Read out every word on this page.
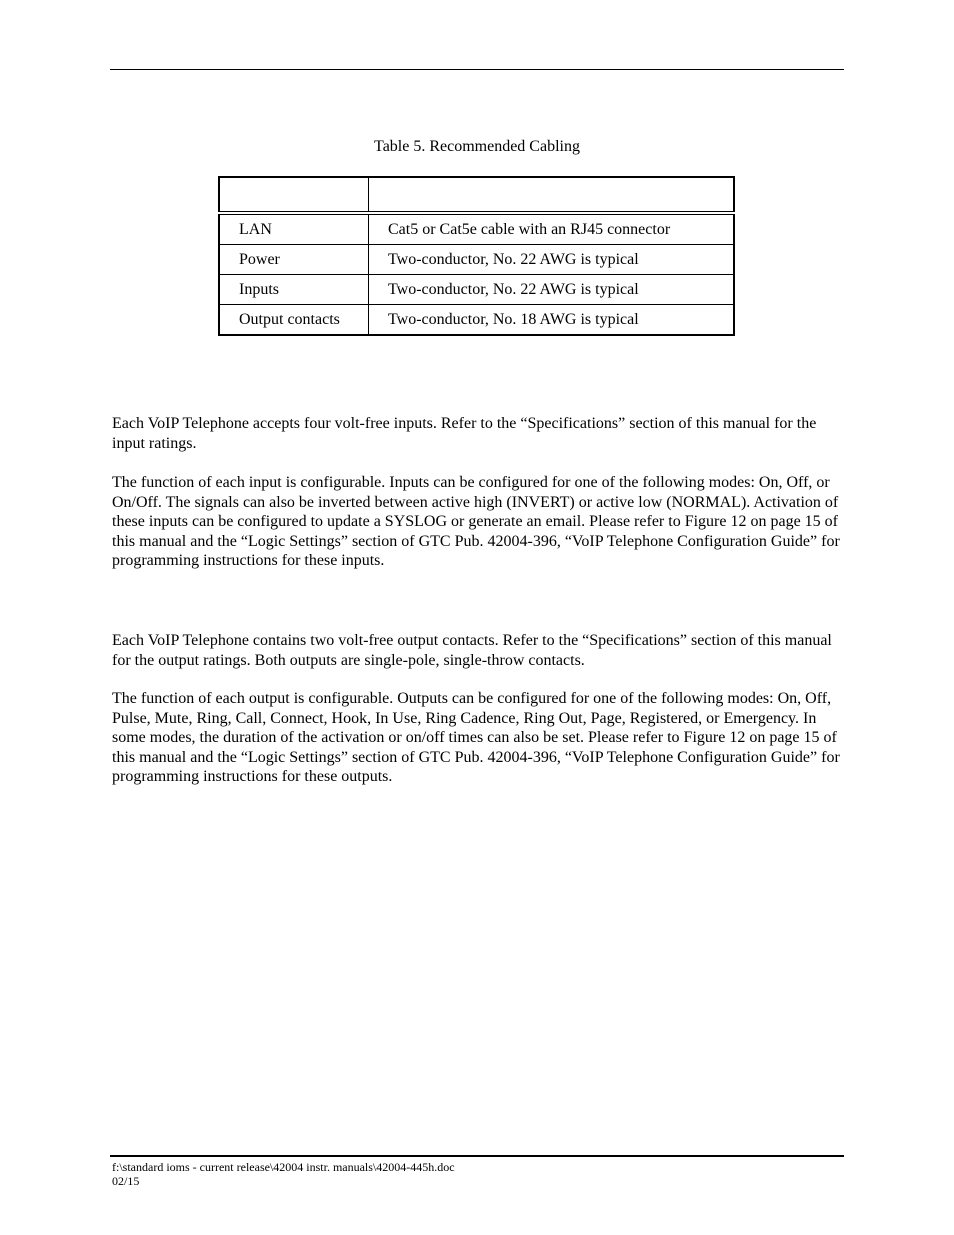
Table 5. Recommended Cabling

LAN	Cat5 or Cat5e cable with an RJ45 connector
Power	Two-conductor, No. 22 AWG is typical
Inputs	Two-conductor, No. 22 AWG is typical
Output contacts	Two-conductor, No. 18 AWG is typical

Each VoIP Telephone accepts four volt-free inputs. Refer to the “Specifications” section of this manual for the input ratings.

The function of each input is configurable. Inputs can be configured for one of the following modes: On, Off, or On/Off. The signals can also be inverted between active high (INVERT) or active low (NORMAL). Activation of these inputs can be configured to update a SYSLOG or generate an email. Please refer to Figure 12 on page 15 of this manual and the “Logic Settings” section of GTC Pub. 42004-396, “VoIP Telephone Configuration Guide” for programming instructions for these inputs.

Each VoIP Telephone contains two volt-free output contacts. Refer to the “Specifications” section of this manual for the output ratings. Both outputs are single-pole, single-throw contacts.

The function of each output is configurable. Outputs can be configured for one of the following modes: On, Off, Pulse, Mute, Ring, Call, Connect, Hook, In Use, Ring Cadence, Ring Out, Page, Registered, or Emergency. In some modes, the duration of the activation or on/off times can also be set. Please refer to Figure 12 on page 15 of this manual and the “Logic Settings” section of GTC Pub. 42004-396, “VoIP Telephone Configuration Guide” for programming instructions for these outputs.

f:\standard ioms - current release\42004 instr. manuals\42004-445h.doc
02/15
